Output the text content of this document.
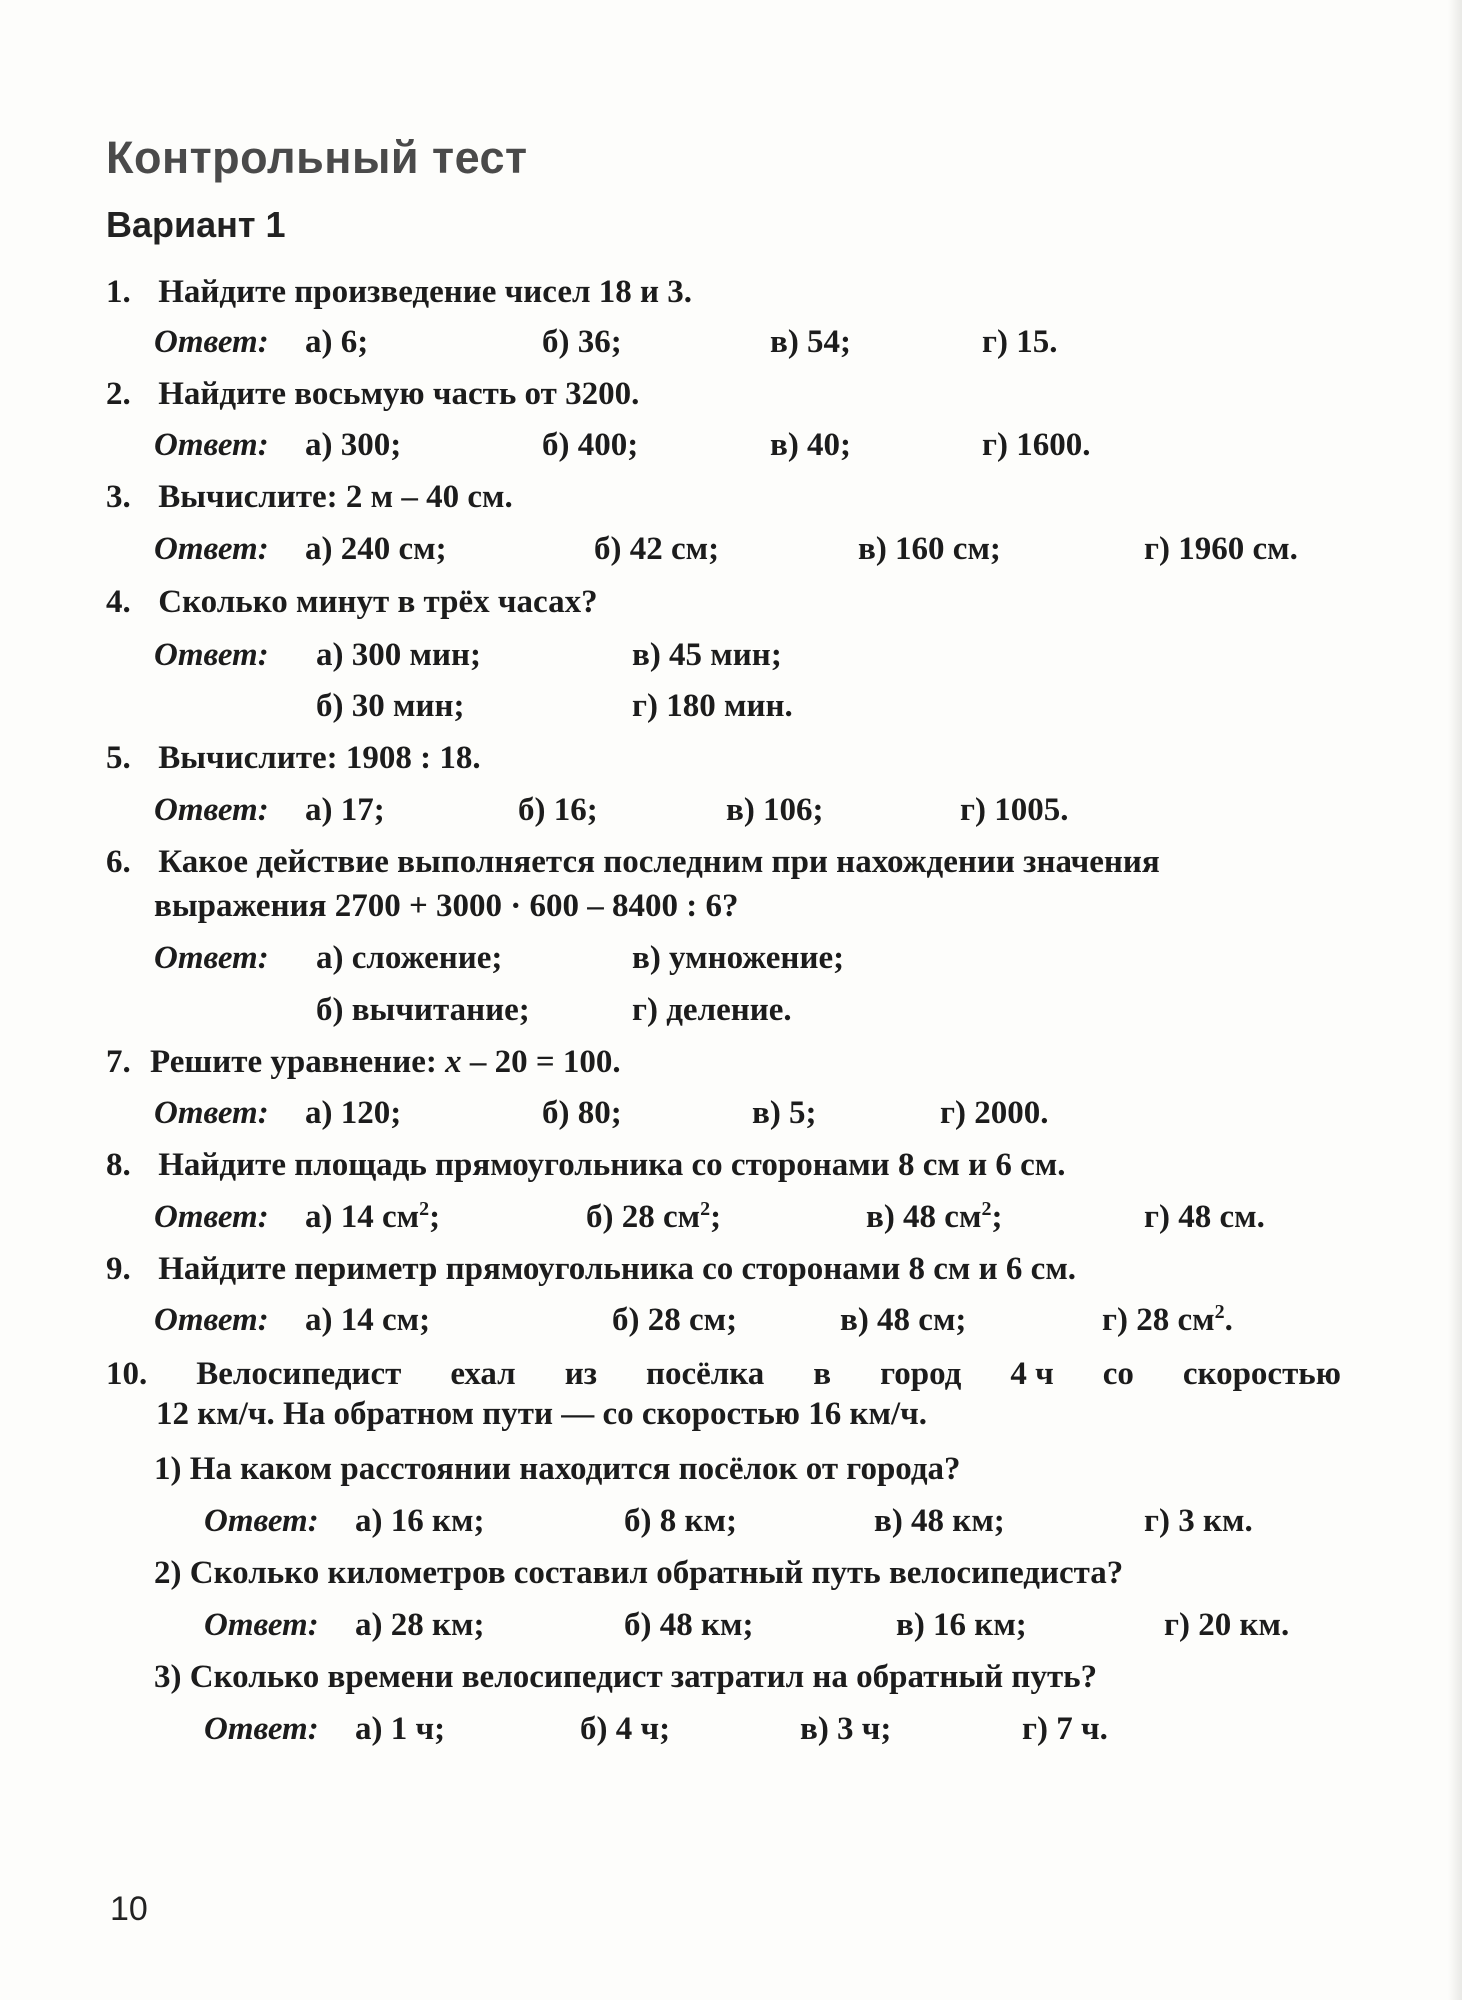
Контрольный тест
Вариант 1
1. Найдите произведение чисел 18 и 3.
Ответ: а) 6;	б) 36;	в) 54;	г) 15.
2. Найдите восьмую часть от 3200.
Ответ: а) 300;	б) 400;	в) 40;	г) 1600.
3. Вычислите: 2 м – 40 см.
Ответ: а) 240 см;	б) 42 см;	в) 160 см;	г) 1960 см.
4. Сколько минут в трёх часах?
Ответ: а) 300 мин;	в) 45 мин;
б) 30 мин;	г) 180 мин.
5. Вычислите: 1908 : 18.
Ответ: а) 17;	б) 16;	в) 106;	г) 1005.
6. Какое действие выполняется последним при нахождении значения
выражения 2700 + 3000 · 600 – 8400 : 6?
Ответ: а) сложение;	в) умножение;
б) вычитание;	г) деление.
7. Решите уравнение: x – 20 = 100.
Ответ: а) 120;	б) 80;	в) 5;	г) 2000.
8. Найдите площадь прямоугольника со сторонами 8 см и 6 см.
Ответ: а) 14 $см^2$;	б) 28 $см^2$;	в) 48 $см^2$;	г) 48 см.
9. Найдите периметр прямоугольника со сторонами 8 см и 6 см.
Ответ: а) 14 см;	б) 28 см;	в) 48 см;	г) 28 $см^2$.
10. Велосипедист ехал из посёлка в город 4 ч со скоростью
12 км/ч. На обратном пути — со скоростью 16 км/ч.
1) На каком расстоянии находится посёлок от города?
Ответ: а) 16 км;	б) 8 км;	в) 48 км;	г) 3 км.
2) Сколько километров составил обратный путь велосипедиста?
Ответ: а) 28 км;	б) 48 км;	в) 16 км;	г) 20 км.
3) Сколько времени велосипедист затратил на обратный путь?
Ответ: а) 1 ч;	б) 4 ч;	в) 3 ч;	г) 7 ч.
10
